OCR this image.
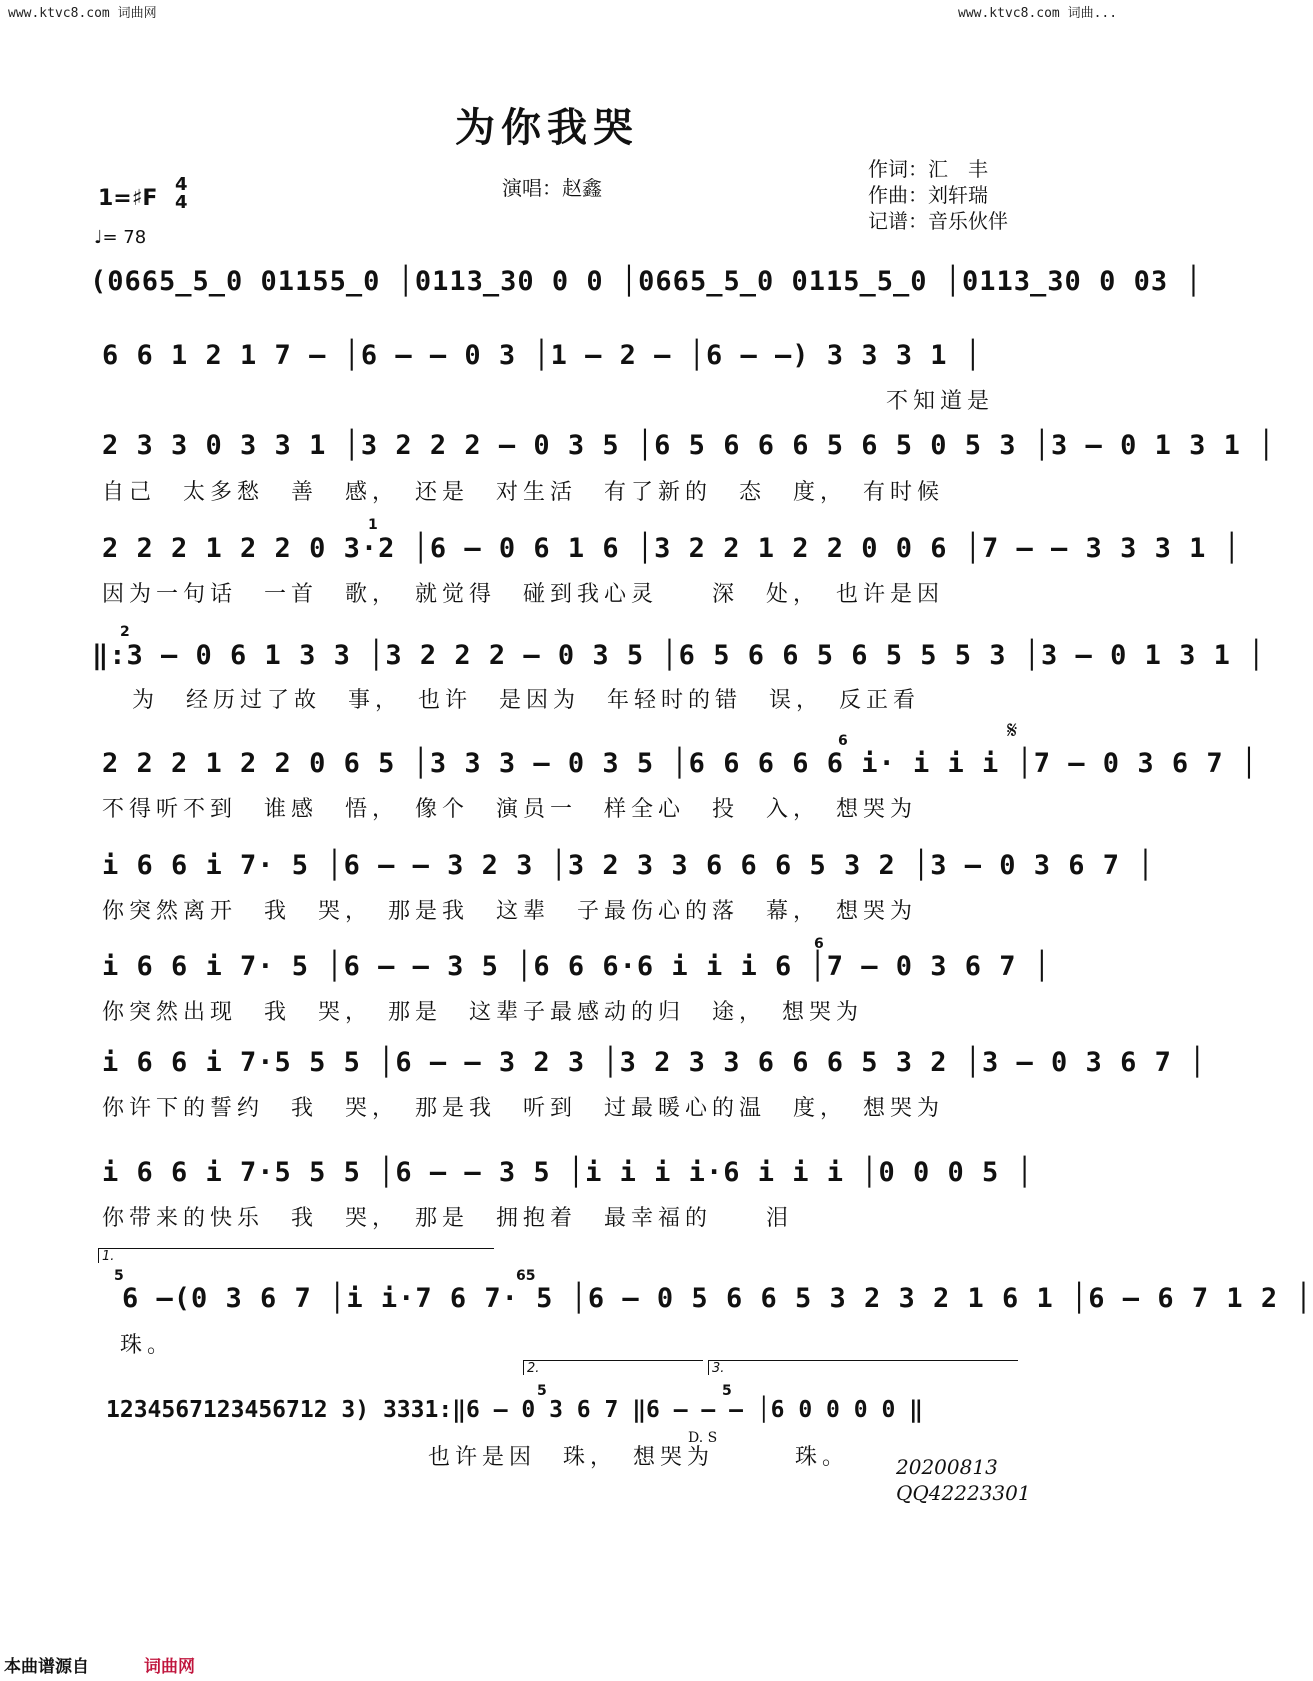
www.ktvc8.com 词曲网	www.ktvc8.com 词曲...
为你我哭
演唱：赵鑫
作词：汇　丰
作曲：刘轩瑞
记谱：音乐伙伴
1=♯F
4
4
♩= 78
(0665̲5̲0 01155̲0 │0113̲30 0 0 │0665̲5̲0 0115̲5̲0 │0113̲30 0 03 │
6 6 1 2 1 7 – │6 – – 0 3 │1 – 2 – │6 – –) 3 3 3 1 │
不知道是
2 3 3 0 3 3 1 │3 2 2 2 – 0 3 5 │6 5 6 6 6 5 6 5 0 5 3 │3 – 0 1 3 1 │
自己　太多愁　善　感，　还是　对生活　有了新的　态　度，　有时候
2 2 2 1 2 2 0 3·2 │6 – 0 6 1 6 │3 2 2 1 2 2 0 0 6 │7 – – 3 3 3 1 │
因为一句话　一首　歌，　就觉得　碰到我心灵　　深　处，　也许是因
‖:3 – 0 6 1 3 3 │3 2 2 2 – 0 3 5 │6 5 6 6 5 6 5 5 5 3 │3 – 0 1 3 1 │
为　经历过了故　事，　也许　是因为　年轻时的错　误，　反正看
2 2 2 1 2 2 0 6 5 │3 3 3 – 0 3 5 │6 6 6 6 6 i· i i i │7 – 0 3 6 7 │
不得听不到　谁感　悟，　像个　演员一　样全心　投　入，　想哭为
i 6 6 i 7· 5 │6 – – 3 2 3 │3 2 3 3 6 6 6 5 3 2 │3 – 0 3 6 7 │
你突然离开　我　哭，　那是我　这辈　子最伤心的落　幕，　想哭为
i 6 6 i 7· 5 │6 – – 3 5 │6 6 6·6 i i i 6 │7 – 0 3 6 7 │
你突然出现　我　哭，　那是　这辈子最感动的归　途，　想哭为
i 6 6 i 7·5 5 5 │6 – – 3 2 3 │3 2 3 3 6 6 6 5 3 2 │3 – 0 3 6 7 │
你许下的誓约　我　哭，　那是我　听到　过最暖心的温　度，　想哭为
i 6 6 i 7·5 5 5 │6 – – 3 5 │i i i i·6 i i i │0 0 0 5 │
你带来的快乐　我　哭，　那是　拥抱着　最幸福的　　泪
1.
6 –(0 3 6 7 │i i·7 6 7· 5 │6 – 0 5 6 6 5 3 2 3 2 1 6 1 │6 – 6 7 1 2 │
珠。
2.	3.
1234567123456712 3) 3331:‖6 – 0 3 6 7 ‖6 – – – │6 0 0 0 0 ‖
也许是因　珠，　想哭为　　　珠。
𝄋
D. S
1
2
6
6
5	65
5	5
20200813
QQ42223301
本曲谱源自	词曲网
